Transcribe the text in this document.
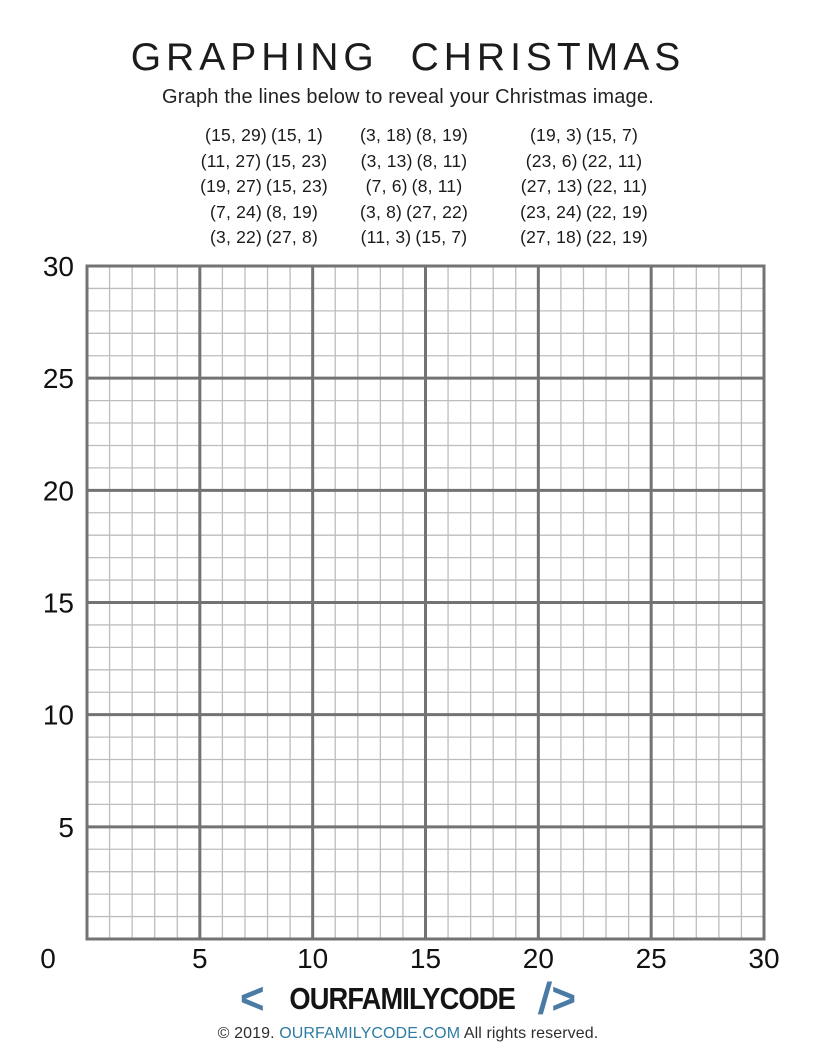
GRAPHING CHRISTMAS
Graph the lines below to reveal your Christmas image.
(15, 29) (15, 1)
(11, 27) (15, 23)
(19, 27) (15, 23)
(7, 24) (8, 19)
(3, 22) (27, 8)
(3, 18) (8, 19)
(3, 13) (8, 11)
(7, 6) (8, 11)
(3, 8) (27, 22)
(11, 3) (15, 7)
(19, 3) (15, 7)
(23, 6) (22, 11)
(27, 13) (22, 11)
(23, 24) (22, 19)
(27, 18) (22, 19)
30
25
20
15
10
5
5	10	15	20	25	30
0
< OURFAMILYCODE /
>
© 2019. OURFAMILYCODE.COM All rights reserved.
